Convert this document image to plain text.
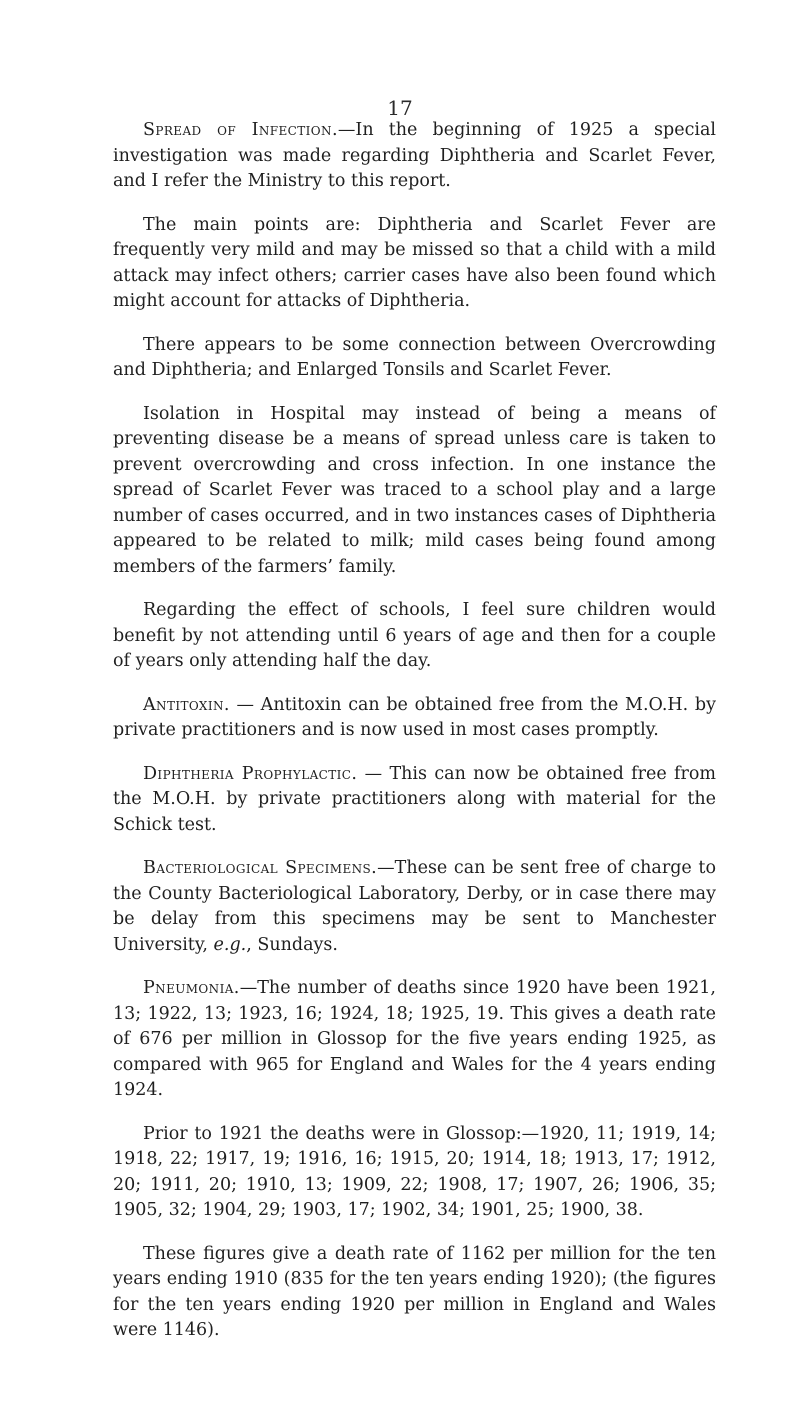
17

Spread of Infection.—In the beginning of 1925 a special investigation was made regarding Diphtheria and Scarlet Fever, and I refer the Ministry to this report.

The main points are: Diphtheria and Scarlet Fever are frequently very mild and may be missed so that a child with a mild attack may infect others; carrier cases have also been found which might account for attacks of Diphtheria.

There appears to be some connection between Overcrowding and Diphtheria; and Enlarged Tonsils and Scarlet Fever.

Isolation in Hospital may instead of being a means of preventing disease be a means of spread unless care is taken to prevent overcrowding and cross infection. In one instance the spread of Scarlet Fever was traced to a school play and a large number of cases occurred, and in two instances cases of Diphtheria appeared to be related to milk; mild cases being found among members of the farmers’ family.

Regarding the effect of schools, I feel sure children would benefit by not attending until 6 years of age and then for a couple of years only attending half the day.

Antitoxin. — Antitoxin can be obtained free from the M.O.H. by private practitioners and is now used in most cases promptly.

Diphtheria Prophylactic. — This can now be obtained free from the M.O.H. by private practitioners along with material for the Schick test.

Bacteriological Specimens.—These can be sent free of charge to the County Bacteriological Laboratory, Derby, or in case there may be delay from this specimens may be sent to Manchester University, e.g., Sundays.

Pneumonia.—The number of deaths since 1920 have been 1921, 13; 1922, 13; 1923, 16; 1924, 18; 1925, 19. This gives a death rate of 676 per million in Glossop for the five years ending 1925, as compared with 965 for England and Wales for the 4 years ending 1924.

Prior to 1921 the deaths were in Glossop:—1920, 11; 1919, 14; 1918, 22; 1917, 19; 1916, 16; 1915, 20; 1914, 18; 1913, 17; 1912, 20; 1911, 20; 1910, 13; 1909, 22; 1908, 17; 1907, 26; 1906, 35; 1905, 32; 1904, 29; 1903, 17; 1902, 34; 1901, 25; 1900, 38.

These figures give a death rate of 1162 per million for the ten years ending 1910 (835 for the ten years ending 1920); (the figures for the ten years ending 1920 per million in England and Wales were 1146).
